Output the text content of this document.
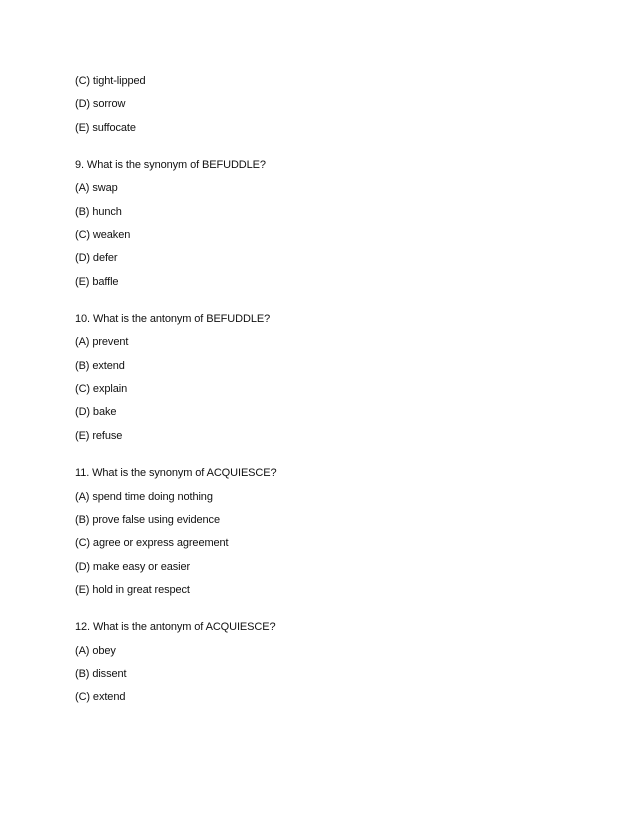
(C) tight-lipped
(D) sorrow
(E) suffocate
9. What is the synonym of BEFUDDLE?
(A) swap
(B) hunch
(C) weaken
(D) defer
(E) baffle
10. What is the antonym of BEFUDDLE?
(A) prevent
(B) extend
(C) explain
(D) bake
(E) refuse
11. What is the synonym of ACQUIESCE?
(A) spend time doing nothing
(B) prove false using evidence
(C) agree or express agreement
(D) make easy or easier
(E) hold in great respect
12. What is the antonym of ACQUIESCE?
(A) obey
(B) dissent
(C) extend
